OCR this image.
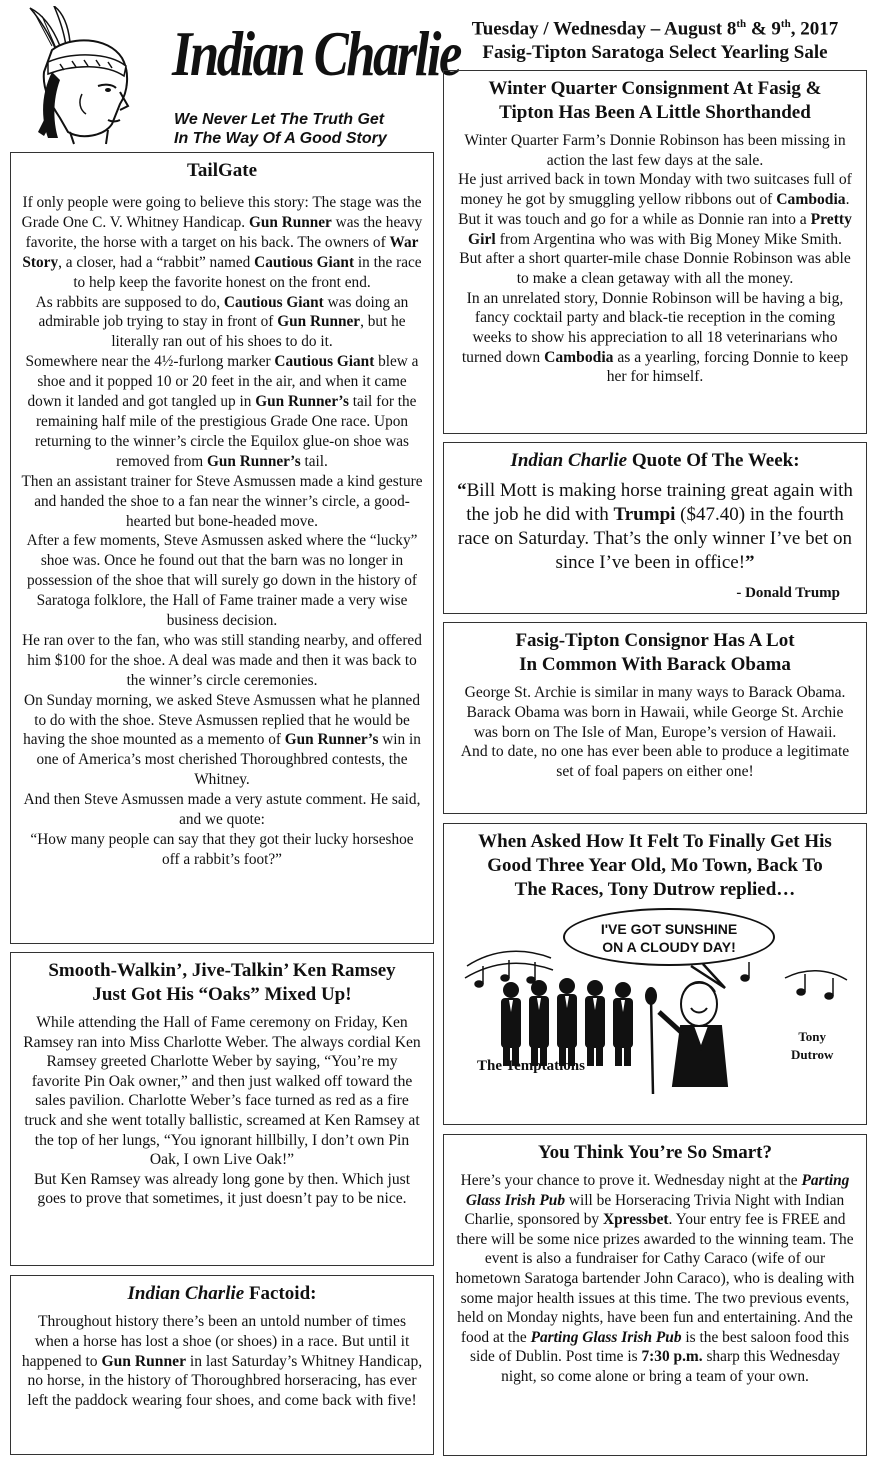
Indian Charlie
We Never Let The Truth Get
In The Way Of A Good Story
Tuesday / Wednesday – August 8th & 9th, 2017
Fasig-Tipton Saratoga Select Yearling Sale
TailGate
If only people were going to believe this story: The stage was the Grade One C. V. Whitney Handicap. Gun Runner was the heavy favorite, the horse with a target on his back. The owners of War Story, a closer, had a “rabbit” named Cautious Giant in the race to help keep the favorite honest on the front end.
As rabbits are supposed to do, Cautious Giant was doing an admirable job trying to stay in front of Gun Runner, but he literally ran out of his shoes to do it.
Somewhere near the 4½-furlong marker Cautious Giant blew a shoe and it popped 10 or 20 feet in the air, and when it came down it landed and got tangled up in Gun Runner’s tail for the remaining half mile of the prestigious Grade One race. Upon returning to the winner’s circle the Equilox glue-on shoe was removed from Gun Runner’s tail.
Then an assistant trainer for Steve Asmussen made a kind gesture and handed the shoe to a fan near the winner’s circle, a good-hearted but bone-headed move.
After a few moments, Steve Asmussen asked where the “lucky” shoe was. Once he found out that the barn was no longer in possession of the shoe that will surely go down in the history of Saratoga folklore, the Hall of Fame trainer made a very wise business decision.
He ran over to the fan, who was still standing nearby, and offered him $100 for the shoe. A deal was made and then it was back to the winner’s circle ceremonies.
On Sunday morning, we asked Steve Asmussen what he planned to do with the shoe. Steve Asmussen replied that he would be having the shoe mounted as a memento of Gun Runner’s win in one of America’s most cherished Thoroughbred contests, the Whitney.
And then Steve Asmussen made a very astute comment. He said, and we quote:
“How many people can say that they got their lucky horseshoe off a rabbit’s foot?”
Smooth-Walkin’, Jive-Talkin’ Ken Ramsey
Just Got His “Oaks” Mixed Up!
While attending the Hall of Fame ceremony on Friday, Ken Ramsey ran into Miss Charlotte Weber. The always cordial Ken Ramsey greeted Charlotte Weber by saying, “You’re my favorite Pin Oak owner,” and then just walked off toward the sales pavilion. Charlotte Weber’s face turned as red as a fire truck and she went totally ballistic, screamed at Ken Ramsey at the top of her lungs, “You ignorant hillbilly, I don’t own Pin Oak, I own Live Oak!”
But Ken Ramsey was already long gone by then. Which just goes to prove that sometimes, it just doesn’t pay to be nice.
Indian Charlie Factoid:
Throughout history there’s been an untold number of times when a horse has lost a shoe (or shoes) in a race. But until it happened to Gun Runner in last Saturday’s Whitney Handicap, no horse, in the history of Thoroughbred horseracing, has ever left the paddock wearing four shoes, and come back with five!
Winter Quarter Consignment At Fasig &
Tipton Has Been A Little Shorthanded
Winter Quarter Farm’s Donnie Robinson has been missing in action the last few days at the sale.
He just arrived back in town Monday with two suitcases full of money he got by smuggling yellow ribbons out of Cambodia. But it was touch and go for a while as Donnie ran into a Pretty Girl from Argentina who was with Big Money Mike Smith.
But after a short quarter-mile chase Donnie Robinson was able to make a clean getaway with all the money.
In an unrelated story, Donnie Robinson will be having a big, fancy cocktail party and black-tie reception in the coming weeks to show his appreciation to all 18 veterinarians who turned down Cambodia as a yearling, forcing Donnie to keep her for himself.
Indian Charlie Quote Of The Week:
“Bill Mott is making horse training great again with the job he did with Trumpi ($47.40) in the fourth race on Saturday. That’s the only winner I’ve bet on since I’ve been in office!”
- Donald Trump
Fasig-Tipton Consignor Has A Lot
In Common With Barack Obama
George St. Archie is similar in many ways to Barack Obama. Barack Obama was born in Hawaii, while George St. Archie was born on The Isle of Man, Europe’s version of Hawaii.
And to date, no one has ever been able to produce a legitimate set of foal papers on either one!
When Asked How It Felt To Finally Get His
Good Three Year Old, Mo Town, Back To
The Races, Tony Dutrow replied…
I'VE GOT SUNSHINE
ON A CLOUDY DAY!
The Temptations
Tony
Dutrow
You Think You’re So Smart?
Here’s your chance to prove it. Wednesday night at the Parting Glass Irish Pub will be Horseracing Trivia Night with Indian Charlie, sponsored by Xpressbet. Your entry fee is FREE and there will be some nice prizes awarded to the winning team. The event is also a fundraiser for Cathy Caraco (wife of our hometown Saratoga bartender John Caraco), who is dealing with some major health issues at this time. The two previous events, held on Monday nights, have been fun and entertaining. And the food at the Parting Glass Irish Pub is the best saloon food this side of Dublin. Post time is 7:30 p.m. sharp this Wednesday night, so come alone or bring a team of your own.
